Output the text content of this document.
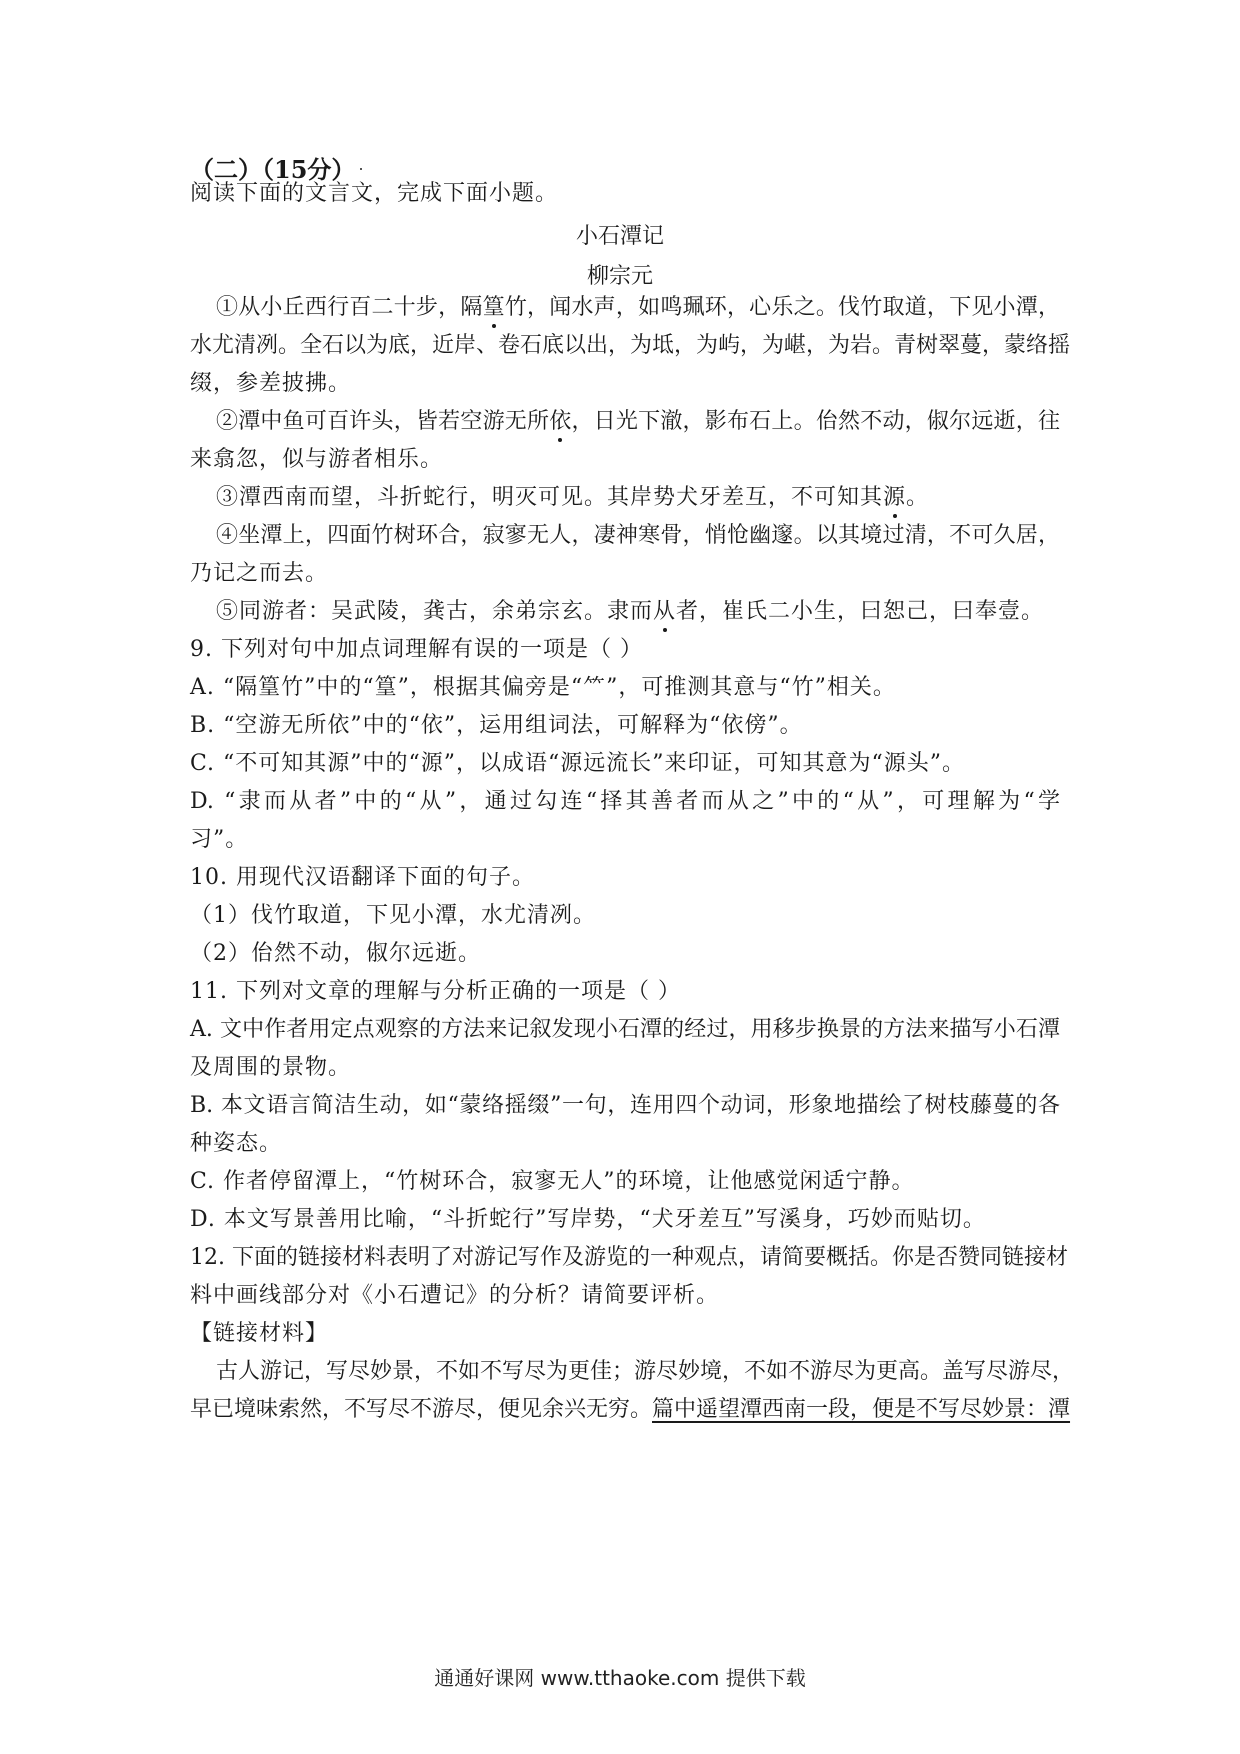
（二）（15分）
阅读下面的文言文，完成下面小题。
小石潭记
柳宗元
①从小丘西行百二十步，隔篁竹，闻水声，如鸣珮环，心乐之。伐竹取道，下见小潭，
水尤清冽。全石以为底，近岸、卷石底以出，为坻，为屿，为嵁，为岩。青树翠蔓，蒙络摇
缀，参差披拂。
②潭中鱼可百许头，皆若空游无所依，日光下澈，影布石上。佁然不动，俶尔远逝，往
来翕忽，似与游者相乐。
③潭西南而望，斗折蛇行，明灭可见。其岸势犬牙差互，不可知其源。
④坐潭上，四面竹树环合，寂寥无人，凄神寒骨，悄怆幽邃。以其境过清，不可久居，
乃记之而去。
⑤同游者：吴武陵，龚古，余弟宗玄。隶而从者，崔氏二小生，曰恕己，曰奉壹。
9. 下列对句中加点词理解有误的一项是（ ）
A. “隔篁竹”中的“篁”，根据其偏旁是“⺮”，可推测其意与“竹”相关。
B. “空游无所依”中的“依”，运用组词法，可解释为“依傍”。
C. “不可知其源”中的“源”，以成语“源远流长”来印证，可知其意为“源头”。
D. “隶而从者”中的“从”，通过勾连“择其善者而从之”中的“从”，可理解为“学
习”。
10. 用现代汉语翻译下面的句子。
（1）伐竹取道，下见小潭，水尤清冽。
（2）佁然不动，俶尔远逝。
11. 下列对文章的理解与分析正确的一项是（ ）
A. 文中作者用定点观察的方法来记叙发现小石潭的经过，用移步换景的方法来描写小石潭
及周围的景物。
B. 本文语言简洁生动，如“蒙络摇缀”一句，连用四个动词，形象地描绘了树枝藤蔓的各
种姿态。
C. 作者停留潭上，“竹树环合，寂寥无人”的环境，让他感觉闲适宁静。
D. 本文写景善用比喻，“斗折蛇行”写岸势，“犬牙差互”写溪身，巧妙而贴切。
12. 下面的链接材料表明了对游记写作及游览的一种观点，请简要概括。你是否赞同链接材
料中画线部分对《小石遭记》的分析？请简要评析。
【链接材料】
古人游记，写尽妙景，不如不写尽为更佳；游尽妙境，不如不游尽为更高。盖写尽游尽，
早已境味索然，不写尽不游尽，便见余兴无穷。篇中遥望潭西南一段，便是不写尽妙景：潭
通通好课网 www.tthaoke.com 提供下载
